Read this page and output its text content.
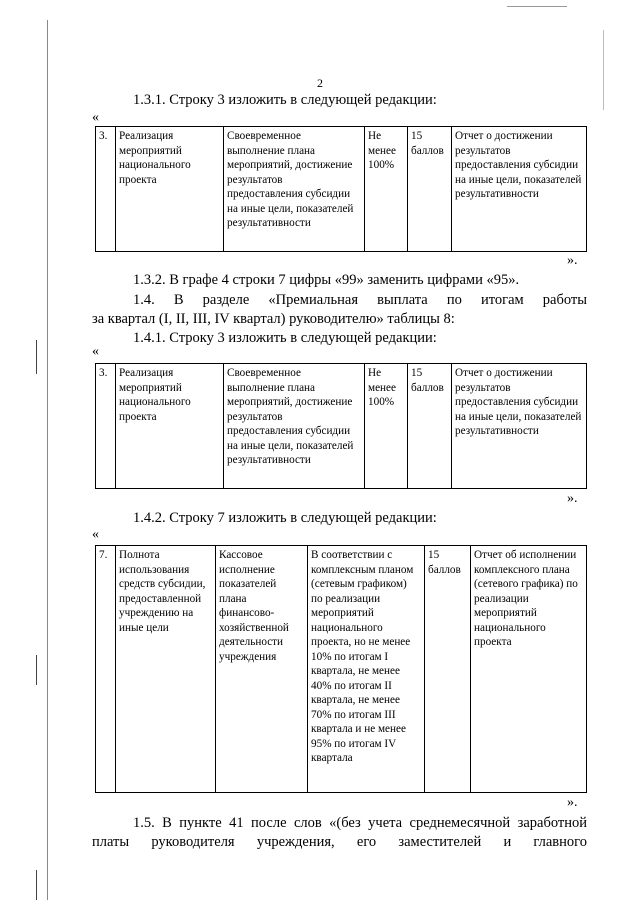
2
1.3.1. Строку 3 изложить в следующей редакции:
«
3.	Реализация мероприятий национального проекта	Своевременное выполнение плана мероприятий, достижение результатов предоставления субсидии на иные цели, показателей результативности	Не менее 100%	15 баллов	Отчет о достижении результатов предоставления субсидии на иные цели, показателей результативности
».
1.3.2. В графе 4 строки 7 цифры «99» заменить цифрами «95».
1.4. В разделе «Премиальная выплата по итогам работы
за квартал (I, II, III, IV квартал) руководителю» таблицы 8:
1.4.1. Строку 3 изложить в следующей редакции:
«
3.	Реализация мероприятий национального проекта	Своевременное выполнение плана мероприятий, достижение результатов предоставления субсидии на иные цели, показателей результативности	Не менее 100%	15 баллов	Отчет о достижении результатов предоставления субсидии на иные цели, показателей результативности
».
1.4.2. Строку 7 изложить в следующей редакции:
«
7.	Полнота использования средств субсидии, предоставленной учреждению на иные цели	Кассовое исполнение показателей плана финансово-хозяйственной деятельности учреждения	В соответствии с комплексным планом (сетевым графиком) по реализации мероприятий национального проекта, но не менее 10% по итогам I квартала, не менее 40% по итогам II квартала, не менее 70% по итогам III квартала и не менее 95% по итогам IV квартала	15 баллов	Отчет об исполнении комплексного плана (сетевого графика) по реализации мероприятий национального проекта
».
1.5. В пункте 41 после слов «(без учета среднемесячной заработной
платы руководителя учреждения, его заместителей и главного
